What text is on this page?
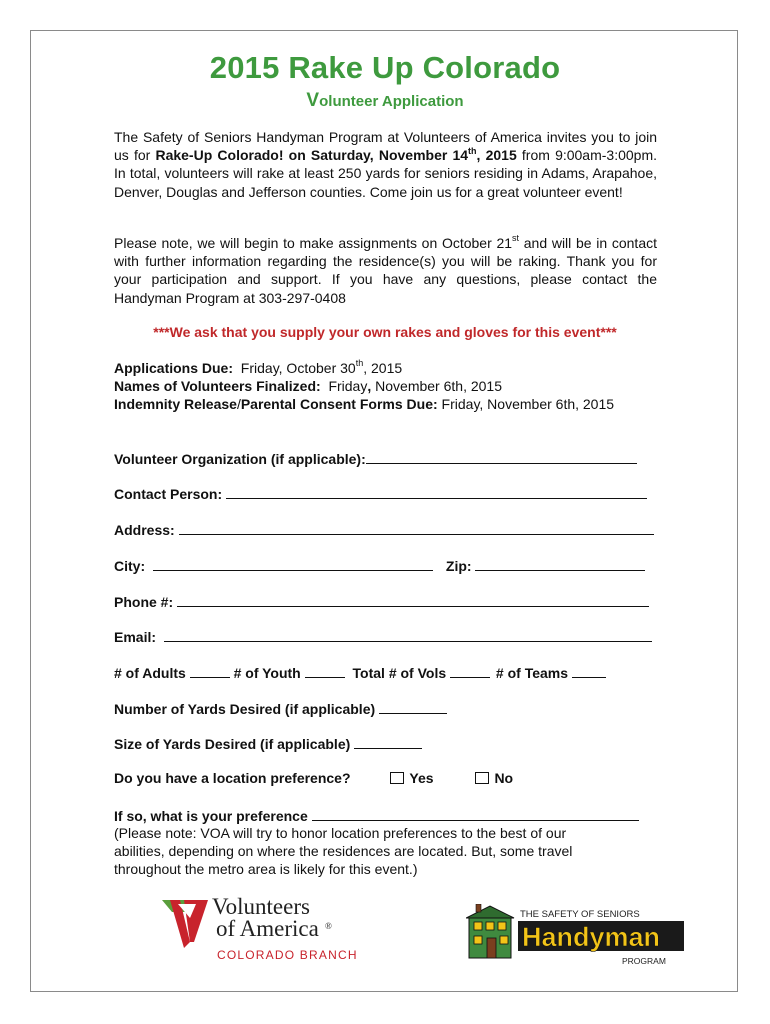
2015 Rake Up Colorado
Volunteer Application

The Safety of Seniors Handyman Program at Volunteers of America invites you to join us for Rake-Up Colorado! on Saturday, November 14th, 2015 from 9:00am-3:00pm. In total, volunteers will rake at least 250 yards for seniors residing in Adams, Arapahoe, Denver, Douglas and Jefferson counties. Come join us for a great volunteer event!

Please note, we will begin to make assignments on October 21st and will be in contact with further information regarding the residence(s) you will be raking. Thank you for your participation and support. If you have any questions, please contact the Handyman Program at 303-297-0408

***We ask that you supply your own rakes and gloves for this event***
Applications Due:  Friday, October 30th, 2015
Names of Volunteers Finalized:  Friday, November 6th, 2015
Indemnity Release/Parental Consent Forms Due: Friday, November 6th, 2015
Volunteer Organization (if applicable):
Contact Person:
Address:
City:	Zip:
Phone #:
Email:
# of Adults	# of Youth	Total # of Vols	# of Teams
Number of Yards Desired (if applicable)
Size of Yards Desired (if applicable)
Do you have a location preference?	Yes	No
If so, what is your preference
(Please note: VOA will try to honor location preferences to the best of our abilities, depending on where the residences are located. But, some travel throughout the metro area is likely for this event.)
Volunteers
of America ®
COLORADO BRANCH
THE SAFETY OF SENIORS
Handyman
PROGRAM
